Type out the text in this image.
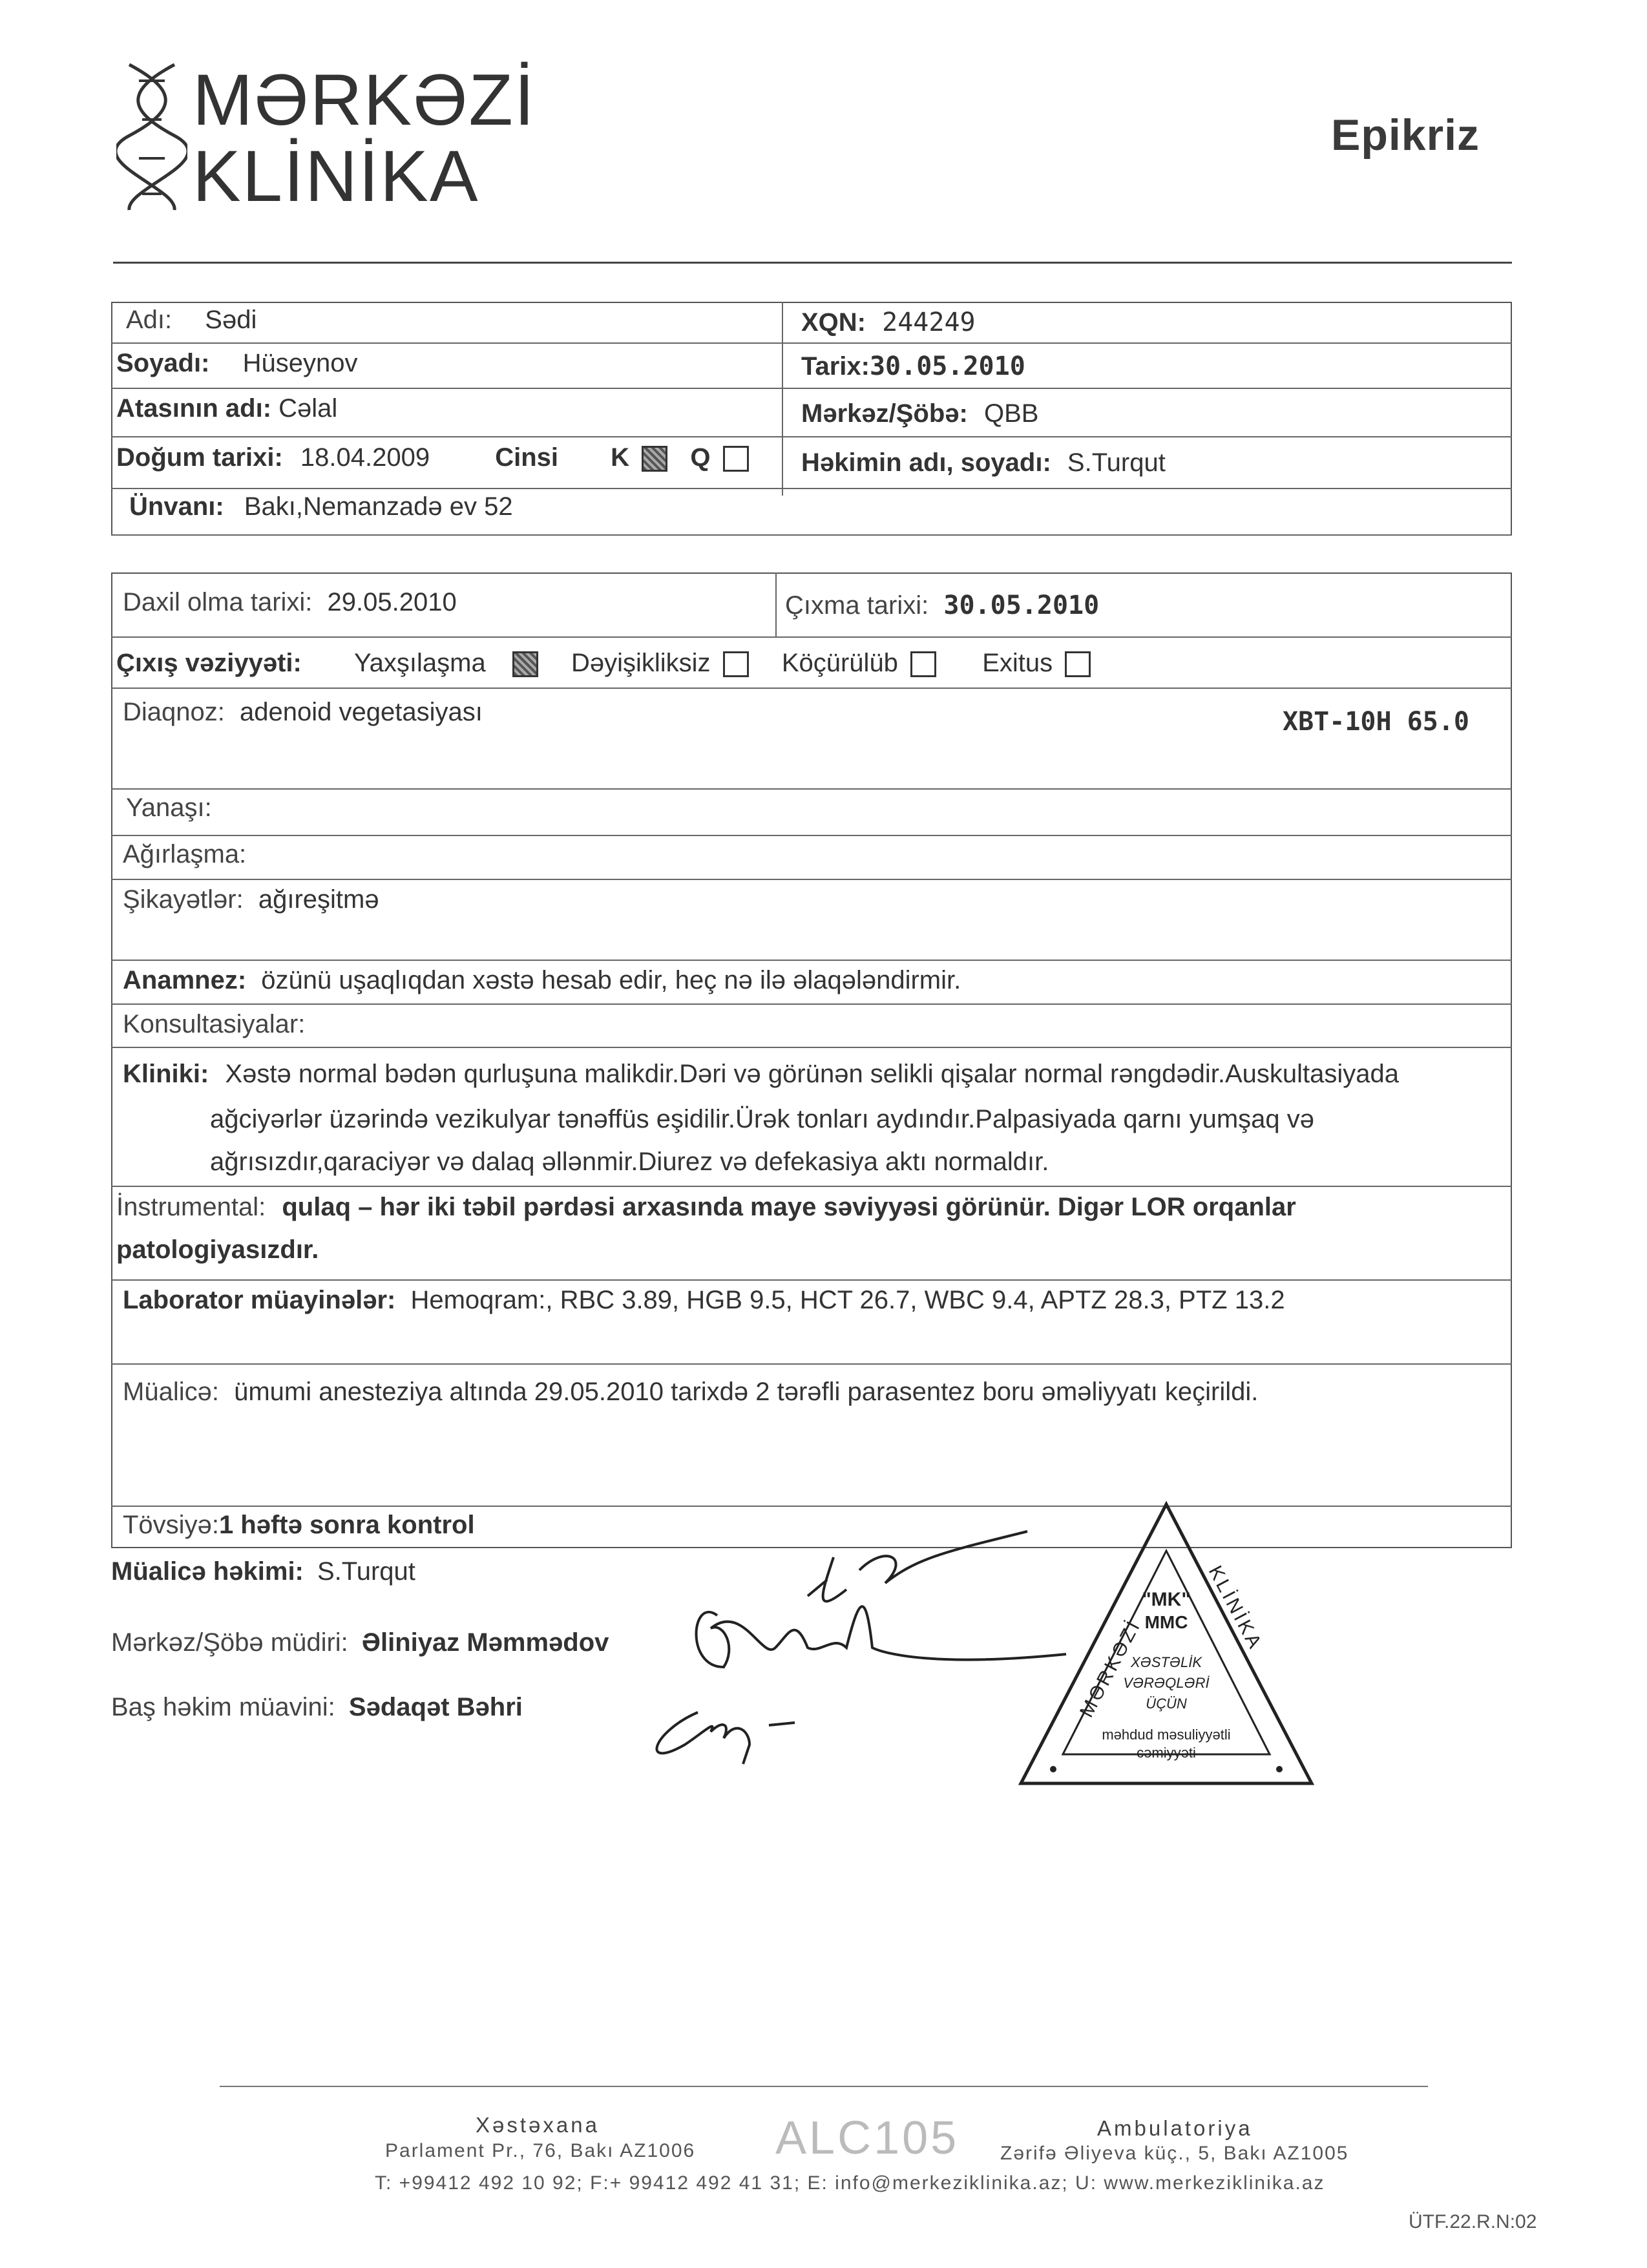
MƏRKƏZİ
KLİNİKA
Epikriz
Adı: Sədi
Soyadı: Hüseynov
Atasının adı: Cəlal
Doğum tarixi: 18.04.2009	Cinsi K Q
Ünvanı: Bakı,Nemanzadə ev 52
XQN: 244249
Tarix:30.05.2010
Mərkəz/Şöbə: QBB
Həkimin adı, soyadı: S.Turqut
Daxil olma tarixi: 29.05.2010	Çıxma tarixi: 30.05.2010
Çıxış vəziyyəti: Yaxşılaşma	Dəyişikliksiz	Köçürülüb	Exitus
Diaqnoz: adenoid vegetasiyası	XBT-10H 65.0
Yanaşı:
Ağırlaşma:
Şikayətlər: ağıreşitmə
Anamnez: özünü uşaqlıqdan xəstə hesab edir, heç nə ilə əlaqələndirmir.
Konsultasiyalar:
Kliniki: Xəstə normal bədən qurluşuna malikdir.Dəri və görünən selikli qişalar normal rəngdədir.Auskultasiyada
ağciyərlər üzərində vezikulyar tənəffüs eşidilir.Ürək tonları aydındır.Palpasiyada qarnı yumşaq və
ağrısızdır,qaraciyər və dalaq əllənmir.Diurez və defekasiya aktı normaldır.
İnstrumental: qulaq – hər iki təbil pərdəsi arxasında maye səviyyəsi görünür. Digər LOR orqanlar
patologiyasızdır.
Laborator müayinələr: Hemoqram:, RBC 3.89, HGB 9.5, HCT 26.7, WBC 9.4, APTZ 28.3, PTZ 13.2
Müalicə: ümumi anesteziya altında 29.05.2010 tarixdə 2 tərəfli parasentez boru əməliyyatı keçirildi.
Tövsiyə:1 həftə sonra kontrol
Müalicə həkimi: S.Turqut
Mərkəz/Şöbə müdiri: Əliniyaz Məmmədov
Baş həkim müavini: Sədaqət Bəhri
"MK"
MMC
XƏSTƏLİK
VƏRƏQLƏRİ
ÜÇÜN
məhdud məsuliyyətli
cəmiyyəti
MƏRKƏZİ
KLİNİKA
Xəstəxana
Parlament Pr., 76, Bakı AZ1006 ALC105	Ambulatoriya
Zərifə Əliyeva küç., 5, Bakı AZ1005
T: +99412 492 10 92; F:+ 99412 492 41 31; E: info@merkeziklinika.az; U: www.merkeziklinika.az
ÜTF.22.R.N:02
